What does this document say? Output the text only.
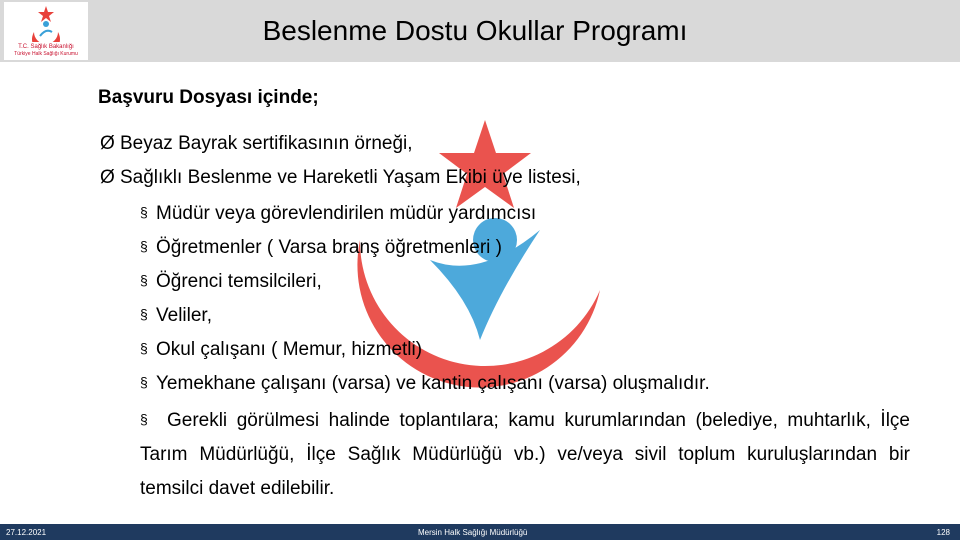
T.C. Sağlık Bakanlığı
Türkiye Halk Sağlığı Kurumu
Beslenme Dostu Okullar Programı
Başvuru Dosyası içinde;
Ø Beyaz Bayrak sertifikasının örneği,
Ø Sağlıklı Beslenme ve Hareketli Yaşam Ekibi üye listesi,
§ Müdür veya görevlendirilen müdür yardımcısı
§ Öğretmenler ( Varsa branş öğretmenleri )
§ Öğrenci temsilcileri,
§ Veliler,
§ Okul çalışanı ( Memur, hizmetli)
§ Yemekhane çalışanı (varsa) ve kantin çalışanı (varsa) oluşmalıdır.
§ Gerekli görülmesi halinde toplantılara; kamu kurumlarından (belediye, muhtarlık, İlçe Tarım Müdürlüğü, İlçe Sağlık Müdürlüğü vb.) ve/veya sivil toplum kuruluşlarından bir temsilci davet edilebilir.
27.12.2021	Mersin Halk Sağlığı Müdürlüğü	128
